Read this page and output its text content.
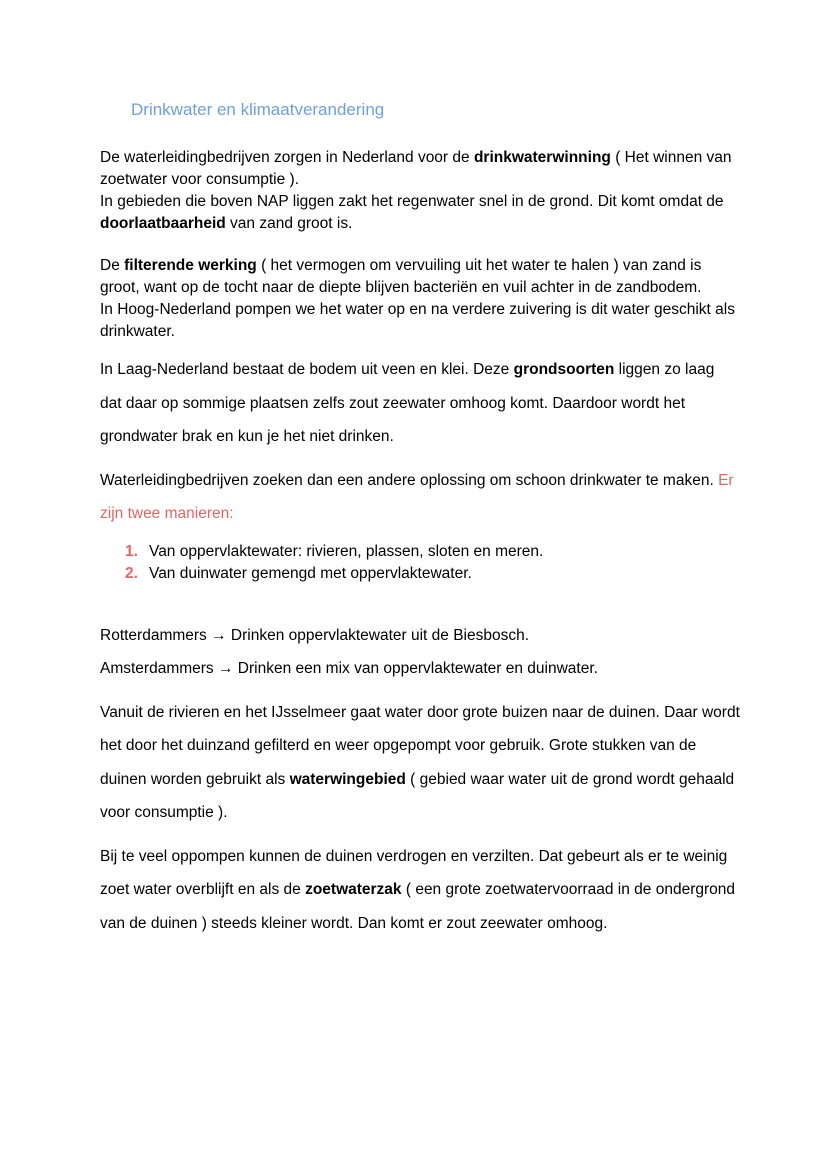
Drinkwater en klimaatverandering

De waterleidingbedrijven zorgen in Nederland voor de drinkwaterwinning ( Het winnen van zoetwater voor consumptie ).

In gebieden die boven NAP liggen zakt het regenwater snel in de grond. Dit komt omdat de doorlaatbaarheid van zand groot is.

De filterende werking ( het vermogen om vervuiling uit het water te halen ) van zand is groot, want op de tocht naar de diepte blijven bacteriën en vuil achter in de zandbodem.

In Hoog-Nederland pompen we het water op en na verdere zuivering is dit water geschikt als drinkwater.

In Laag-Nederland bestaat de bodem uit veen en klei. Deze grondsoorten liggen zo laag dat daar op sommige plaatsen zelfs zout zeewater omhoog komt. Daardoor wordt het grondwater brak en kun je het niet drinken.

Waterleidingbedrijven zoeken dan een andere oplossing om schoon drinkwater te maken. Er zijn twee manieren:

1. Van oppervlaktewater: rivieren, plassen, sloten en meren.
2. Van duinwater gemengd met oppervlaktewater.

Rotterdammers → Drinken oppervlaktewater uit de Biesbosch.

Amsterdammers → Drinken een mix van oppervlaktewater en duinwater.

Vanuit de rivieren en het IJsselmeer gaat water door grote buizen naar de duinen. Daar wordt het door het duinzand gefilterd en weer opgepompt voor gebruik. Grote stukken van de duinen worden gebruikt als waterwingebied ( gebied waar water uit de grond wordt gehaald voor consumptie ).

Bij te veel oppompen kunnen de duinen verdrogen en verzilten. Dat gebeurt als er te weinig zoet water overblijft en als de zoetwaterzak ( een grote zoetwatervoorraad in de ondergrond van de duinen ) steeds kleiner wordt. Dan komt er zout zeewater omhoog.
